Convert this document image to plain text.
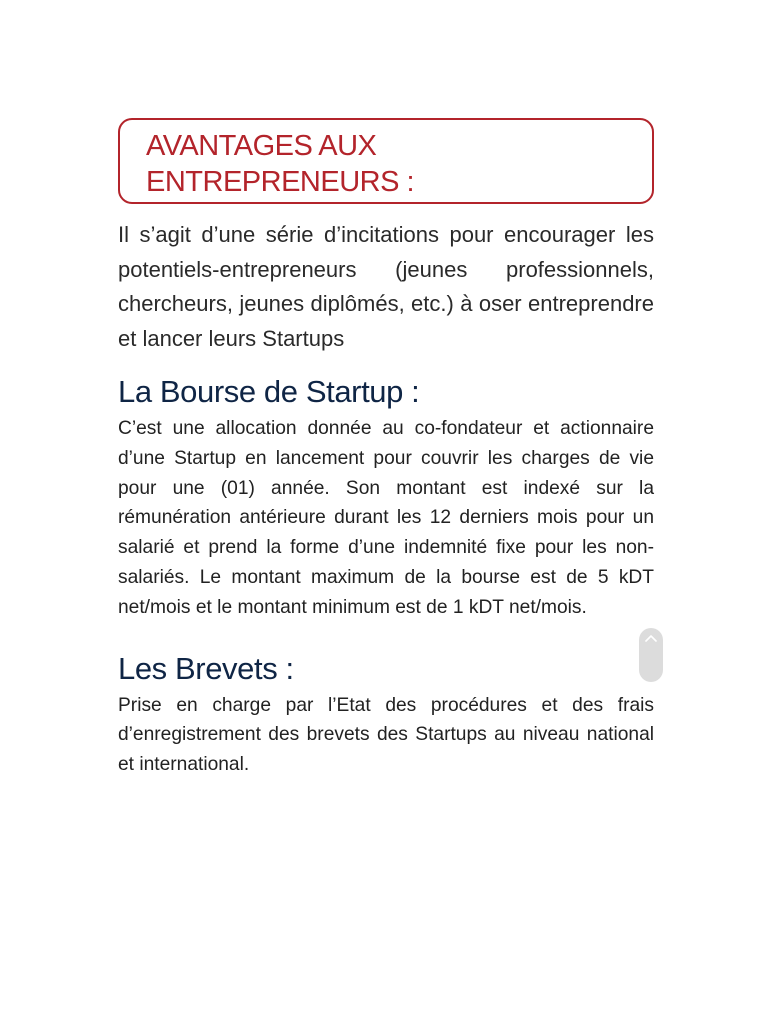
AVANTAGES AUX ENTREPRENEURS :

Il s’agit d’une série d’incitations pour encourager les potentiels-entrepreneurs (jeunes professionnels, chercheurs, jeunes diplômés, etc.) à oser entreprendre et lancer leurs Startups

La Bourse de Startup :

C’est une allocation donnée au co-fondateur et actionnaire d’une Startup en lancement pour couvrir les charges de vie pour une (01) année. Son montant est indexé sur la rémunération antérieure durant les 12 derniers mois pour un salarié et prend la forme d’une indemnité fixe pour les non-salariés. Le montant maximum de la bourse est de 5 kDT net/mois et le montant minimum est de 1 kDT net/mois.

Les Brevets :

Prise en charge par l’Etat des procédures et des frais d’enregistrement des brevets des Startups au niveau national et international.
